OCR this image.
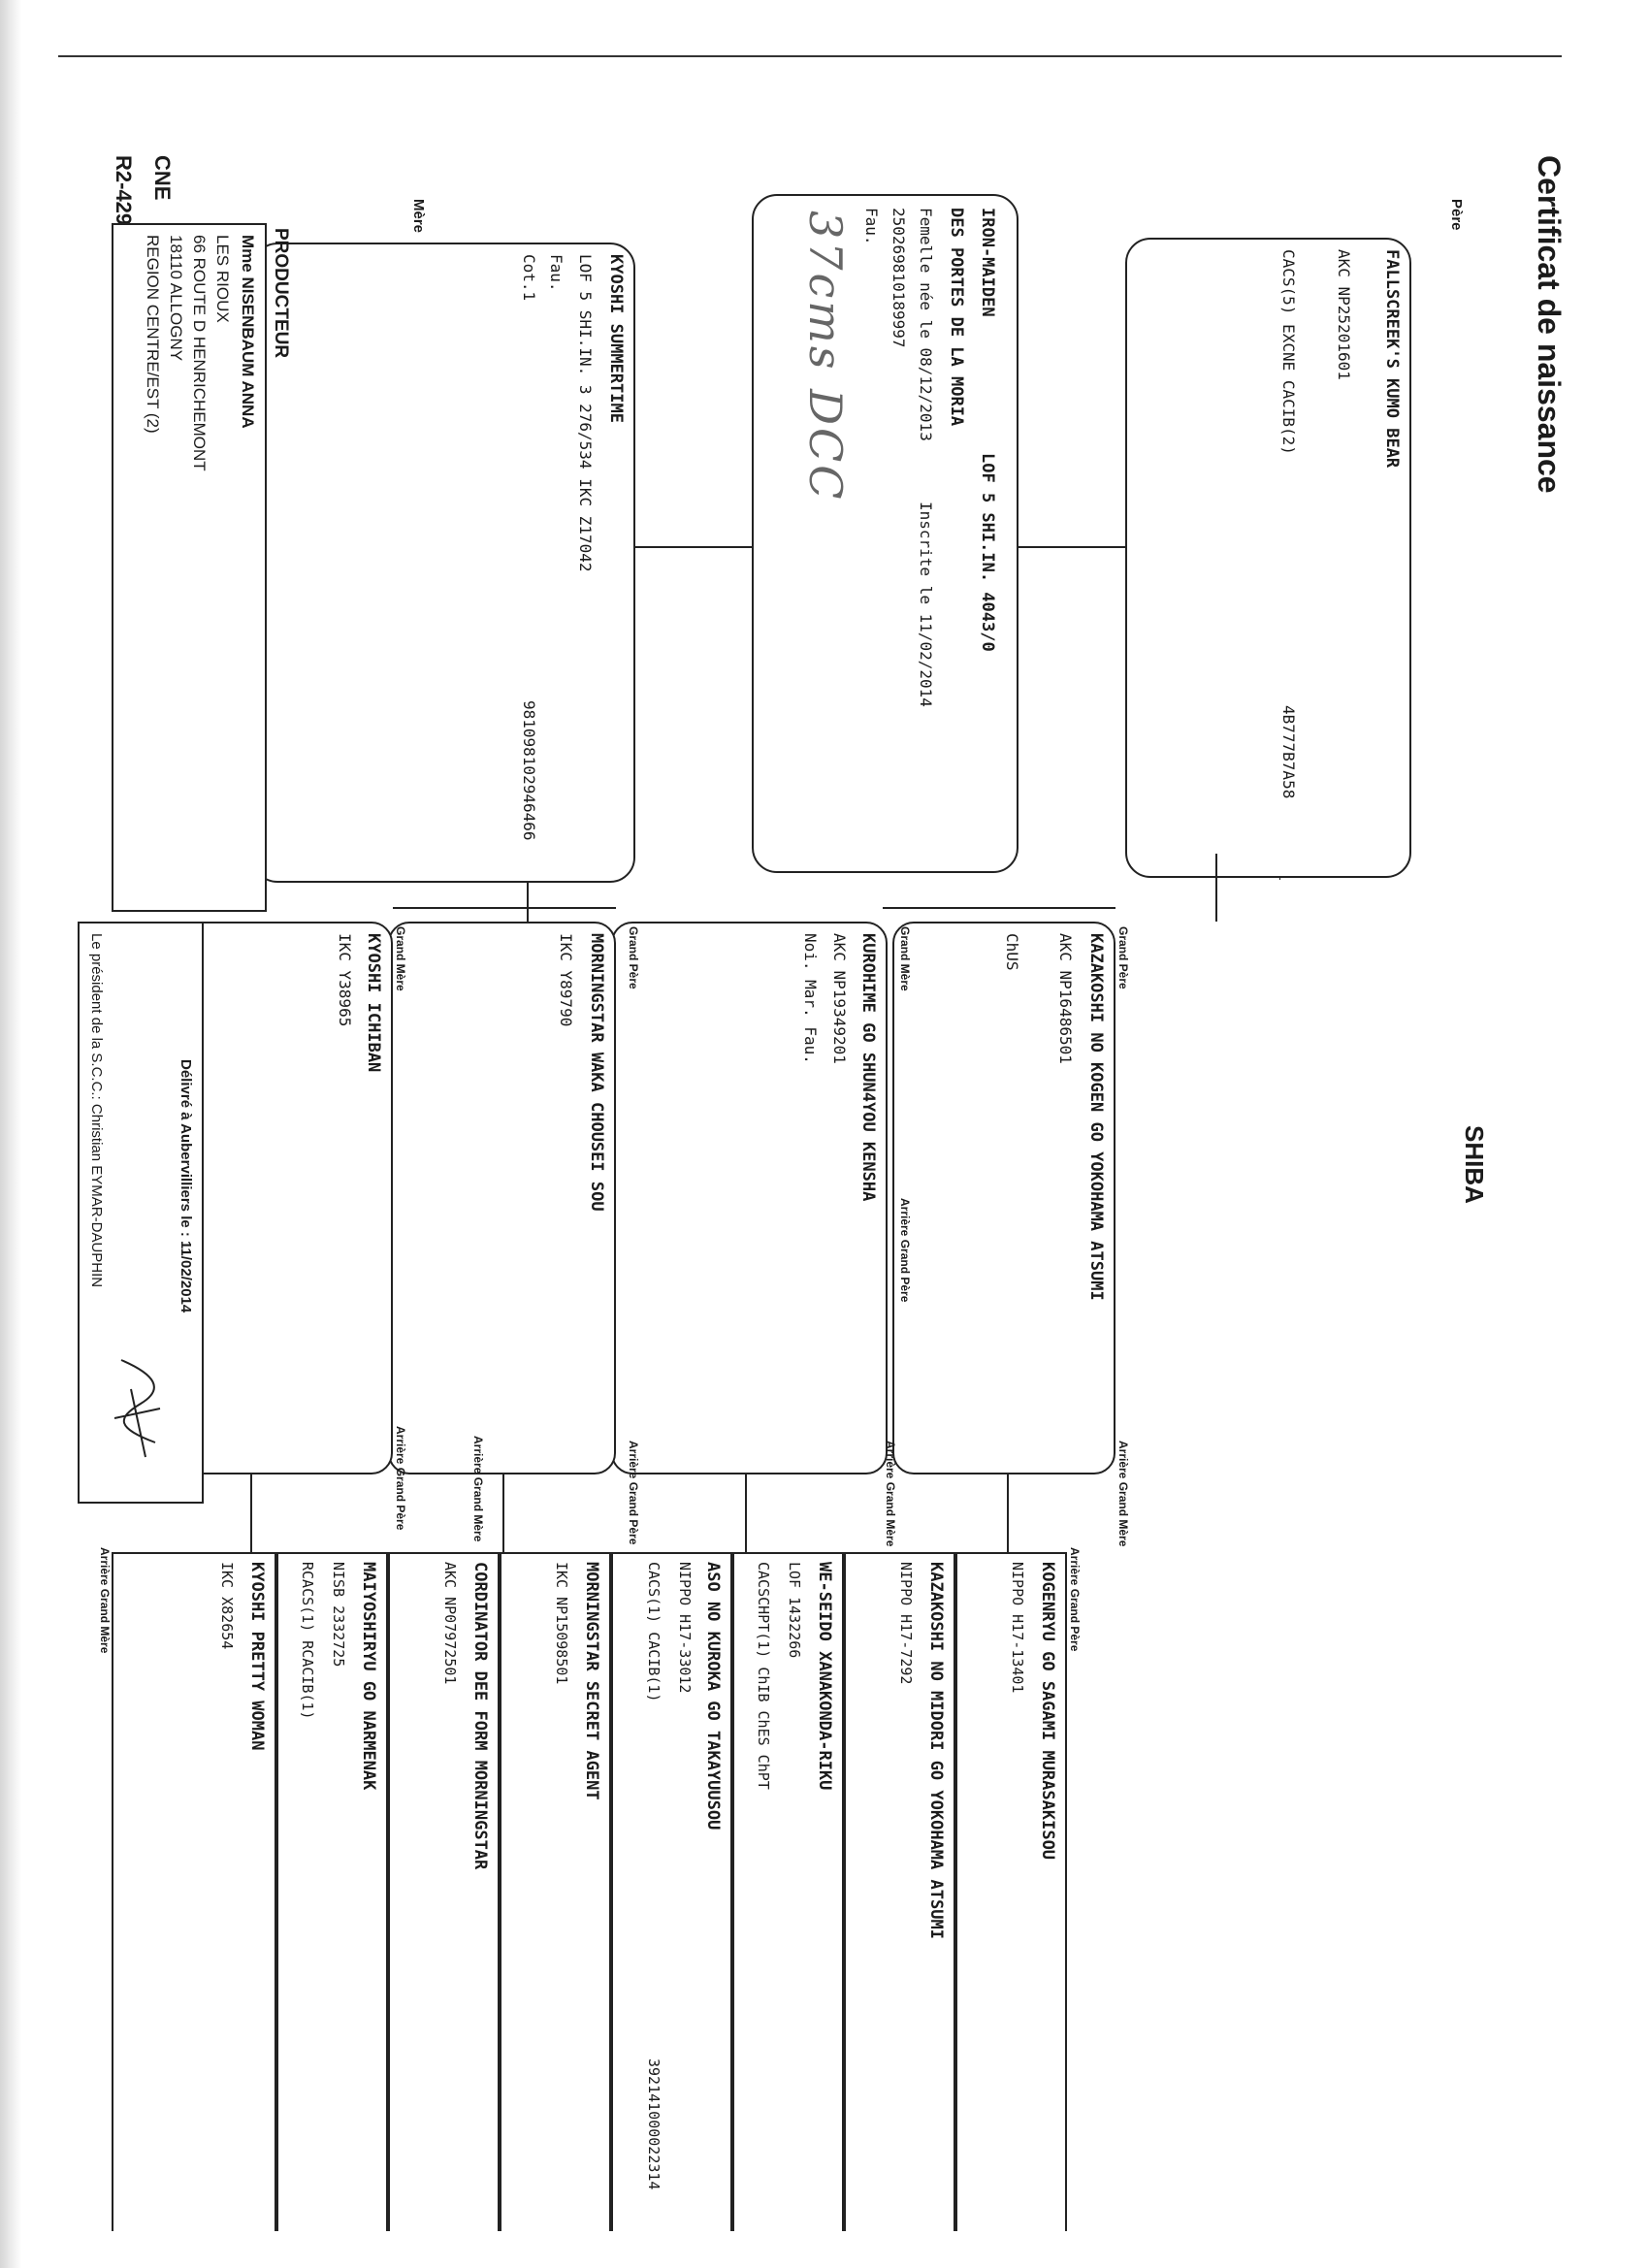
Certificat de naissance
SHIBA
Père
Mère
LOF 5 SHI.IN. 4043/0
IRON-MAIDEN
DES PORTES DE LA MORIA
Femelle née le 08/12/2013
Inscrite le 11/02/2014
250269810189997
Fau.
37cms DCC	FALLSCREEK'S KUMO BEAR
AKC NP25201601
CACS(5) EXCNE CACIB(2)
4B777B7A58
KYOSHI SUMMERTIME
LOF 5 SHI.IN. 3 276/534 IKC Z17042
Fau.
Cot.1
981098102946466
Grand Père
KAZAKOSHI NO KOGEN GO YOKOHAMA ATSUMI
AKC NP16486501
ChUS
Arrière Grand Mère
Grand Mère
KUROHIME GO SHUN4YOU KENSHA
AKC NP19349201
Noi. Mar. Fau.
Arrière Grand Père
Arrière Grand Mère
Grand Père
MORNINGSTAR WAKA CHOUSEI SOU
IKC Y89790
Arrière Grand Père
Arrière Grand Mère
Grand Mère
KYOSHI ICHIBAN
IKC Y38965
Arrière Grand Père
Arrière Grand Père
KOGENRYU GO SAGAMI MURASAKISOU
NIPPO H17-13401
KAZAKOSHI NO MIDORI GO YOKOHAMA ATSUMI
NIPPO H17-7292
WE-SEIDO XANAKONDA-RIKU
LOF 1432266
CACSCHPT(1) ChIB ChES ChPT
ASO NO KUROKA GO TAKAYUUSOU
NIPPO H17-33012
CACS(1) CACIB(1)
392141000022314
MORNINGSTAR SECRET AGENT
IKC NP15098501
CORDINATOR DEE FORM MORNINGSTAR
AKC NP07972501
MAIYOSHIRYU GO NARMENAK
NISB 2332725
RCACS(1) RCACIB(1)
KYOSHI PRETTY WOMAN
IKC X82654
Arrière Grand Mère
CNE
PRODUCTEUR
Mme NISENBAUM ANNA
LES RIOUX
66 ROUTE D HENRICHEMONT
18110 ALLOGNY
REGION CENTRE/EST (2)
Délivré à Aubervilliers le : 11/02/2014
Le président de la S.C.C.: Christian EYMAR-DAUPHIN
